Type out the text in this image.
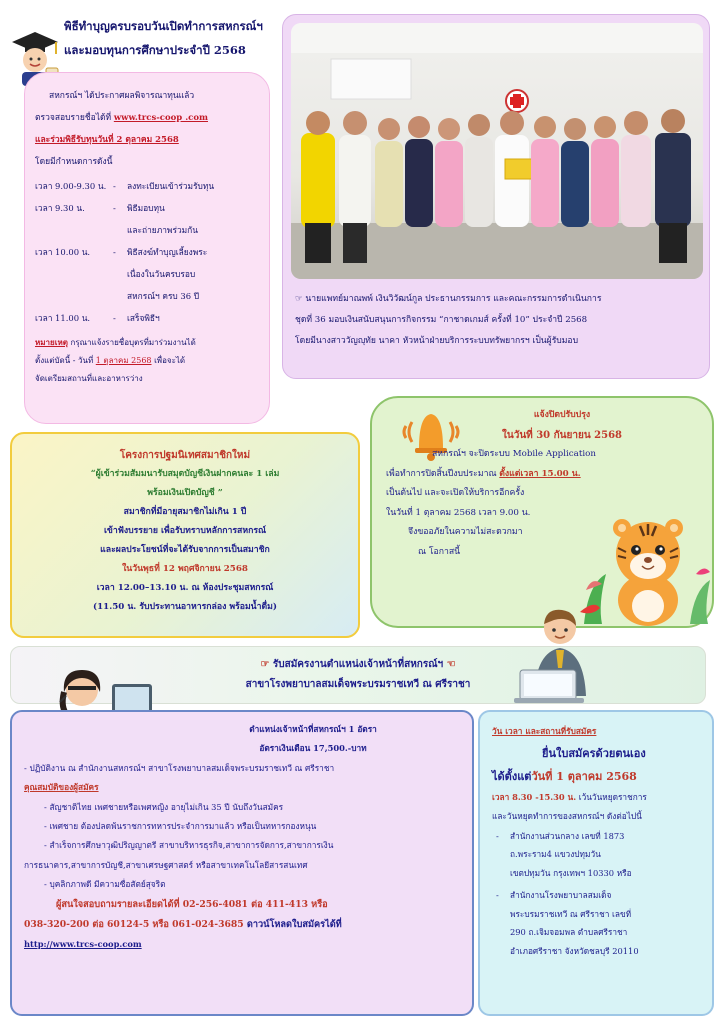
พิธีทำบุญครบรอบวันเปิดทำการสหกรณ์ฯ
และมอบทุนการศึกษาประจำปี 2568
สหกรณ์ฯ ได้ประกาศผลพิจารณาทุนแล้ว
ตรวจสอบรายชื่อได้ที่ www.trcs-coop .com
และร่วมพิธีรับทุนวันที่ 2 ตุลาคม 2568
โดยมีกำหนดการดังนี้
เวลา 9.00-9.30 น. -	ลงทะเบียนเข้าร่วมรับทุน
เวลา 9.30 น.	-	พิธีมอบทุน
และถ่ายภาพร่วมกัน
เวลา 10.00 น.	-	พิธีสงฆ์ทำบุญเลี้ยงพระ
เนื่องในวันครบรอบ
สหกรณ์ฯ ครบ 36 ปี
เวลา 11.00 น.	-	เสร็จพิธีฯ
หมายเหตุ กรุณาแจ้งรายชื่อบุตรที่มาร่วมงานได้
ตั้งแต่บัดนี้ - วันที่ 1 ตุลาคม 2568 เพื่อจะได้
จัดเตรียมสถานที่และอาหารว่าง
☞ นายแพทย์มาณพพ์ เงินวิวัฒน์กูล ประธานกรรมการ และคณะกรรมการดำเนินการ
ชุดที่ 36 มอบเงินสนับสนุนการกิจกรรม “กาชาดเกมส์ ครั้งที่ 10” ประจำปี 2568
โดยมีนางสาววัญญุทัย นาคา หัวหน้าฝ่ายบริการระบบทรัพยากรฯ เป็นผู้รับมอบ
โครงการปฐมนิเทศสมาชิกใหม่
“ผู้เข้าร่วมสัมมนารับสมุดบัญชีเงินฝากคนละ 1 เล่ม
พร้อมเงินเปิดบัญชี ”
สมาชิกที่มีอายุสมาชิกไม่เกิน 1 ปี
เข้าฟังบรรยาย เพื่อรับทราบหลักการสหกรณ์
และผลประโยชน์ที่จะได้รับจากการเป็นสมาชิก
ในวันพุธที่ 12 พฤศจิกายน 2568
เวลา 12.00–13.10 น. ณ ห้องประชุมสหกรณ์
(11.50 น. รับประทานอาหารกล่อง พร้อมน้ำดื่ม)
แจ้งปิดปรับปรุง
ในวันที่ 30 กันยายน 2568
สหกรณ์ฯ จะปิดระบบ Mobile Application
เพื่อทำการปิดสิ้นปีงบประมาณ ตั้งแต่เวลา 15.00 น.
เป็นต้นไป และจะเปิดให้บริการอีกครั้ง
ในวันที่ 1 ตุลาคม 2568 เวลา 9.00 น.
จึงขออภัยในความไม่สะดวกมา
ณ โอกาสนี้
☞ รับสมัครงานตำแหน่งเจ้าหน้าที่สหกรณ์ฯ ☜
สาขาโรงพยาบาลสมเด็จพระบรมราชเทวี ณ ศรีราชา
ตำแหน่งเจ้าหน้าที่สหกรณ์ฯ 1 อัตรา
อัตราเงินเดือน 17,500.-บาท
- ปฏิบัติงาน ณ สำนักงานสหกรณ์ฯ สาขาโรงพยาบาลสมเด็จพระบรมราชเทวี ณ ศรีราชา
คุณสมบัติของผู้สมัคร
- สัญชาติไทย เพศชายหรือเพศหญิง อายุไม่เกิน 35 ปี นับถึงวันสมัคร
- เพศชาย ต้องปลดพ้นราชการทหารประจำการมาแล้ว หรือเป็นทหารกองหนุน
- สำเร็จการศึกษาวุฒิปริญญาตรี สาขาบริหารธุรกิจ,สาขาการจัดการ,สาขาการเงิน
การธนาคาร,สาขาการบัญชี,สาขาเศรษฐศาสตร์ หรือสาขาเทคโนโลยีสารสนเทศ
- บุคลิกภาพดี มีความซื่อสัตย์สุจริต
ผู้สนใจสอบถามรายละเอียดได้ที่ 02-256-4081 ต่อ 411-413 หรือ
038-320-200 ต่อ 60124-5 หรือ 061-024-3685 ดาวน์โหลดใบสมัครได้ที่
http://www.trcs-coop.com
วัน เวลา และสถานที่รับสมัคร
ยื่นใบสมัครด้วยตนเอง
ได้ตั้งแต่วันที่ 1 ตุลาคม 2568
เวลา 8.30 -15.30 น. เว้นวันหยุดราชการ
และวันหยุดทำการของสหกรณ์ฯ ดังต่อไปนี้
-	สำนักงานส่วนกลาง เลขที่ 1873
ถ.พระราม4 แขวงปทุมวัน
เขตปทุมวัน กรุงเทพฯ 10330 หรือ
-	สำนักงานโรงพยาบาลสมเด็จ
พระบรมราชเทวี ณ ศรีราชา เลขที่
290 ถ.เจิมจอมพล ตำบลศรีราชา
อำเภอศรีราชา จังหวัดชลบุรี 20110
